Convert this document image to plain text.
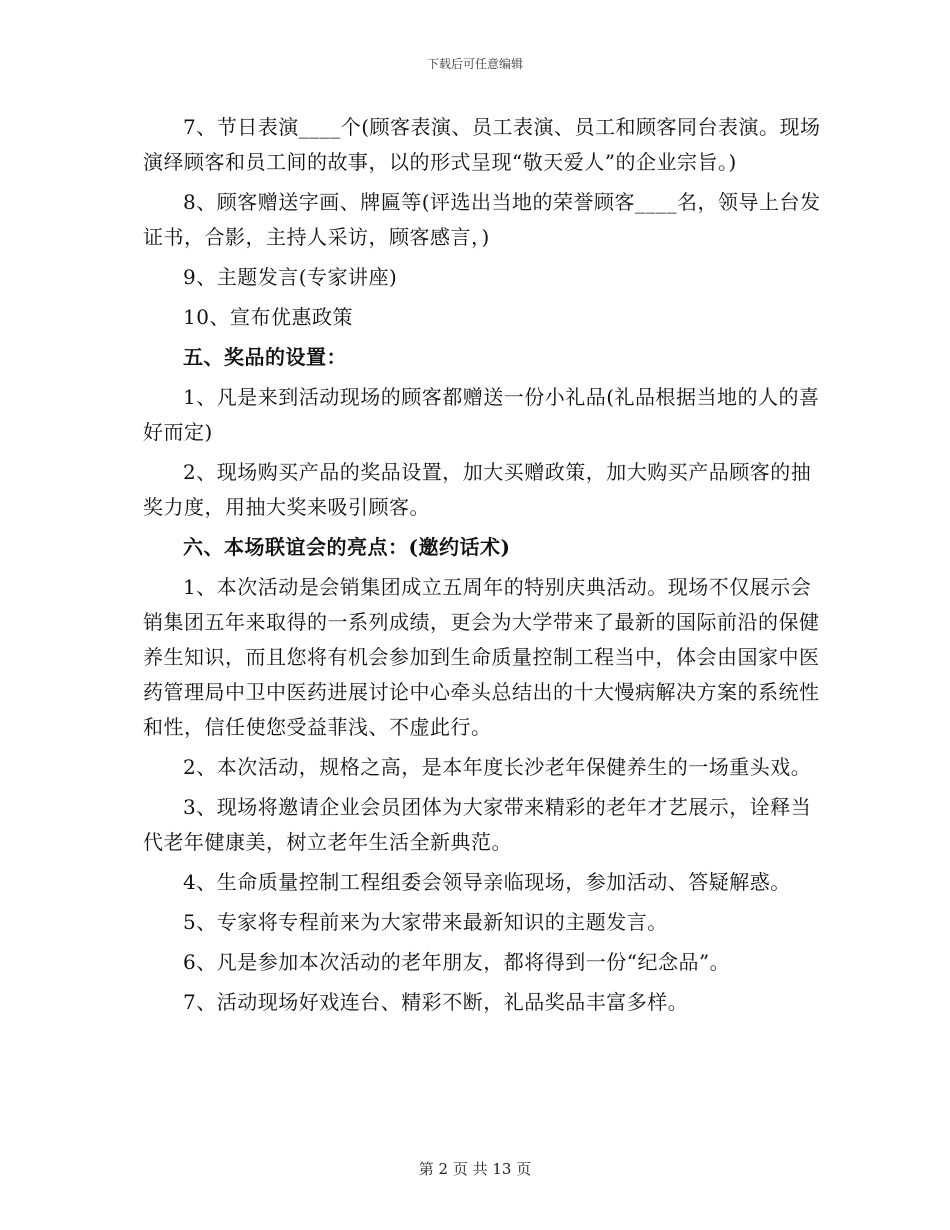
下载后可任意编辑

7、节日表演____个(顾客表演、员工表演、员工和顾客同台表演。现场演绎顾客和员工间的故事，以的形式呈现“敬天爱人”的企业宗旨。)

8、顾客赠送字画、牌匾等(评选出当地的荣誉顾客____名，领导上台发证书，合影，主持人采访，顾客感言，)

9、主题发言(专家讲座)

10、宣布优惠政策

五、奖品的设置：

1、凡是来到活动现场的顾客都赠送一份小礼品(礼品根据当地的人的喜好而定)

2、现场购买产品的奖品设置，加大买赠政策，加大购买产品顾客的抽奖力度，用抽大奖来吸引顾客。

六、本场联谊会的亮点：(邀约话术)

1、本次活动是会销集团成立五周年的特别庆典活动。现场不仅展示会销集团五年来取得的一系列成绩，更会为大学带来了最新的国际前沿的保健养生知识，而且您将有机会参加到生命质量控制工程当中，体会由国家中医药管理局中卫中医药进展讨论中心牵头总结出的十大慢病解决方案的系统性和性，信任使您受益菲浅、不虚此行。

2、本次活动，规格之高，是本年度长沙老年保健养生的一场重头戏。

3、现场将邀请企业会员团体为大家带来精彩的老年才艺展示，诠释当代老年健康美，树立老年生活全新典范。

4、生命质量控制工程组委会领导亲临现场，参加活动、答疑解惑。

5、专家将专程前来为大家带来最新知识的主题发言。

6、凡是参加本次活动的老年朋友，都将得到一份“纪念品”。

7、活动现场好戏连台、精彩不断，礼品奖品丰富多样。

第 2 页 共 13 页
